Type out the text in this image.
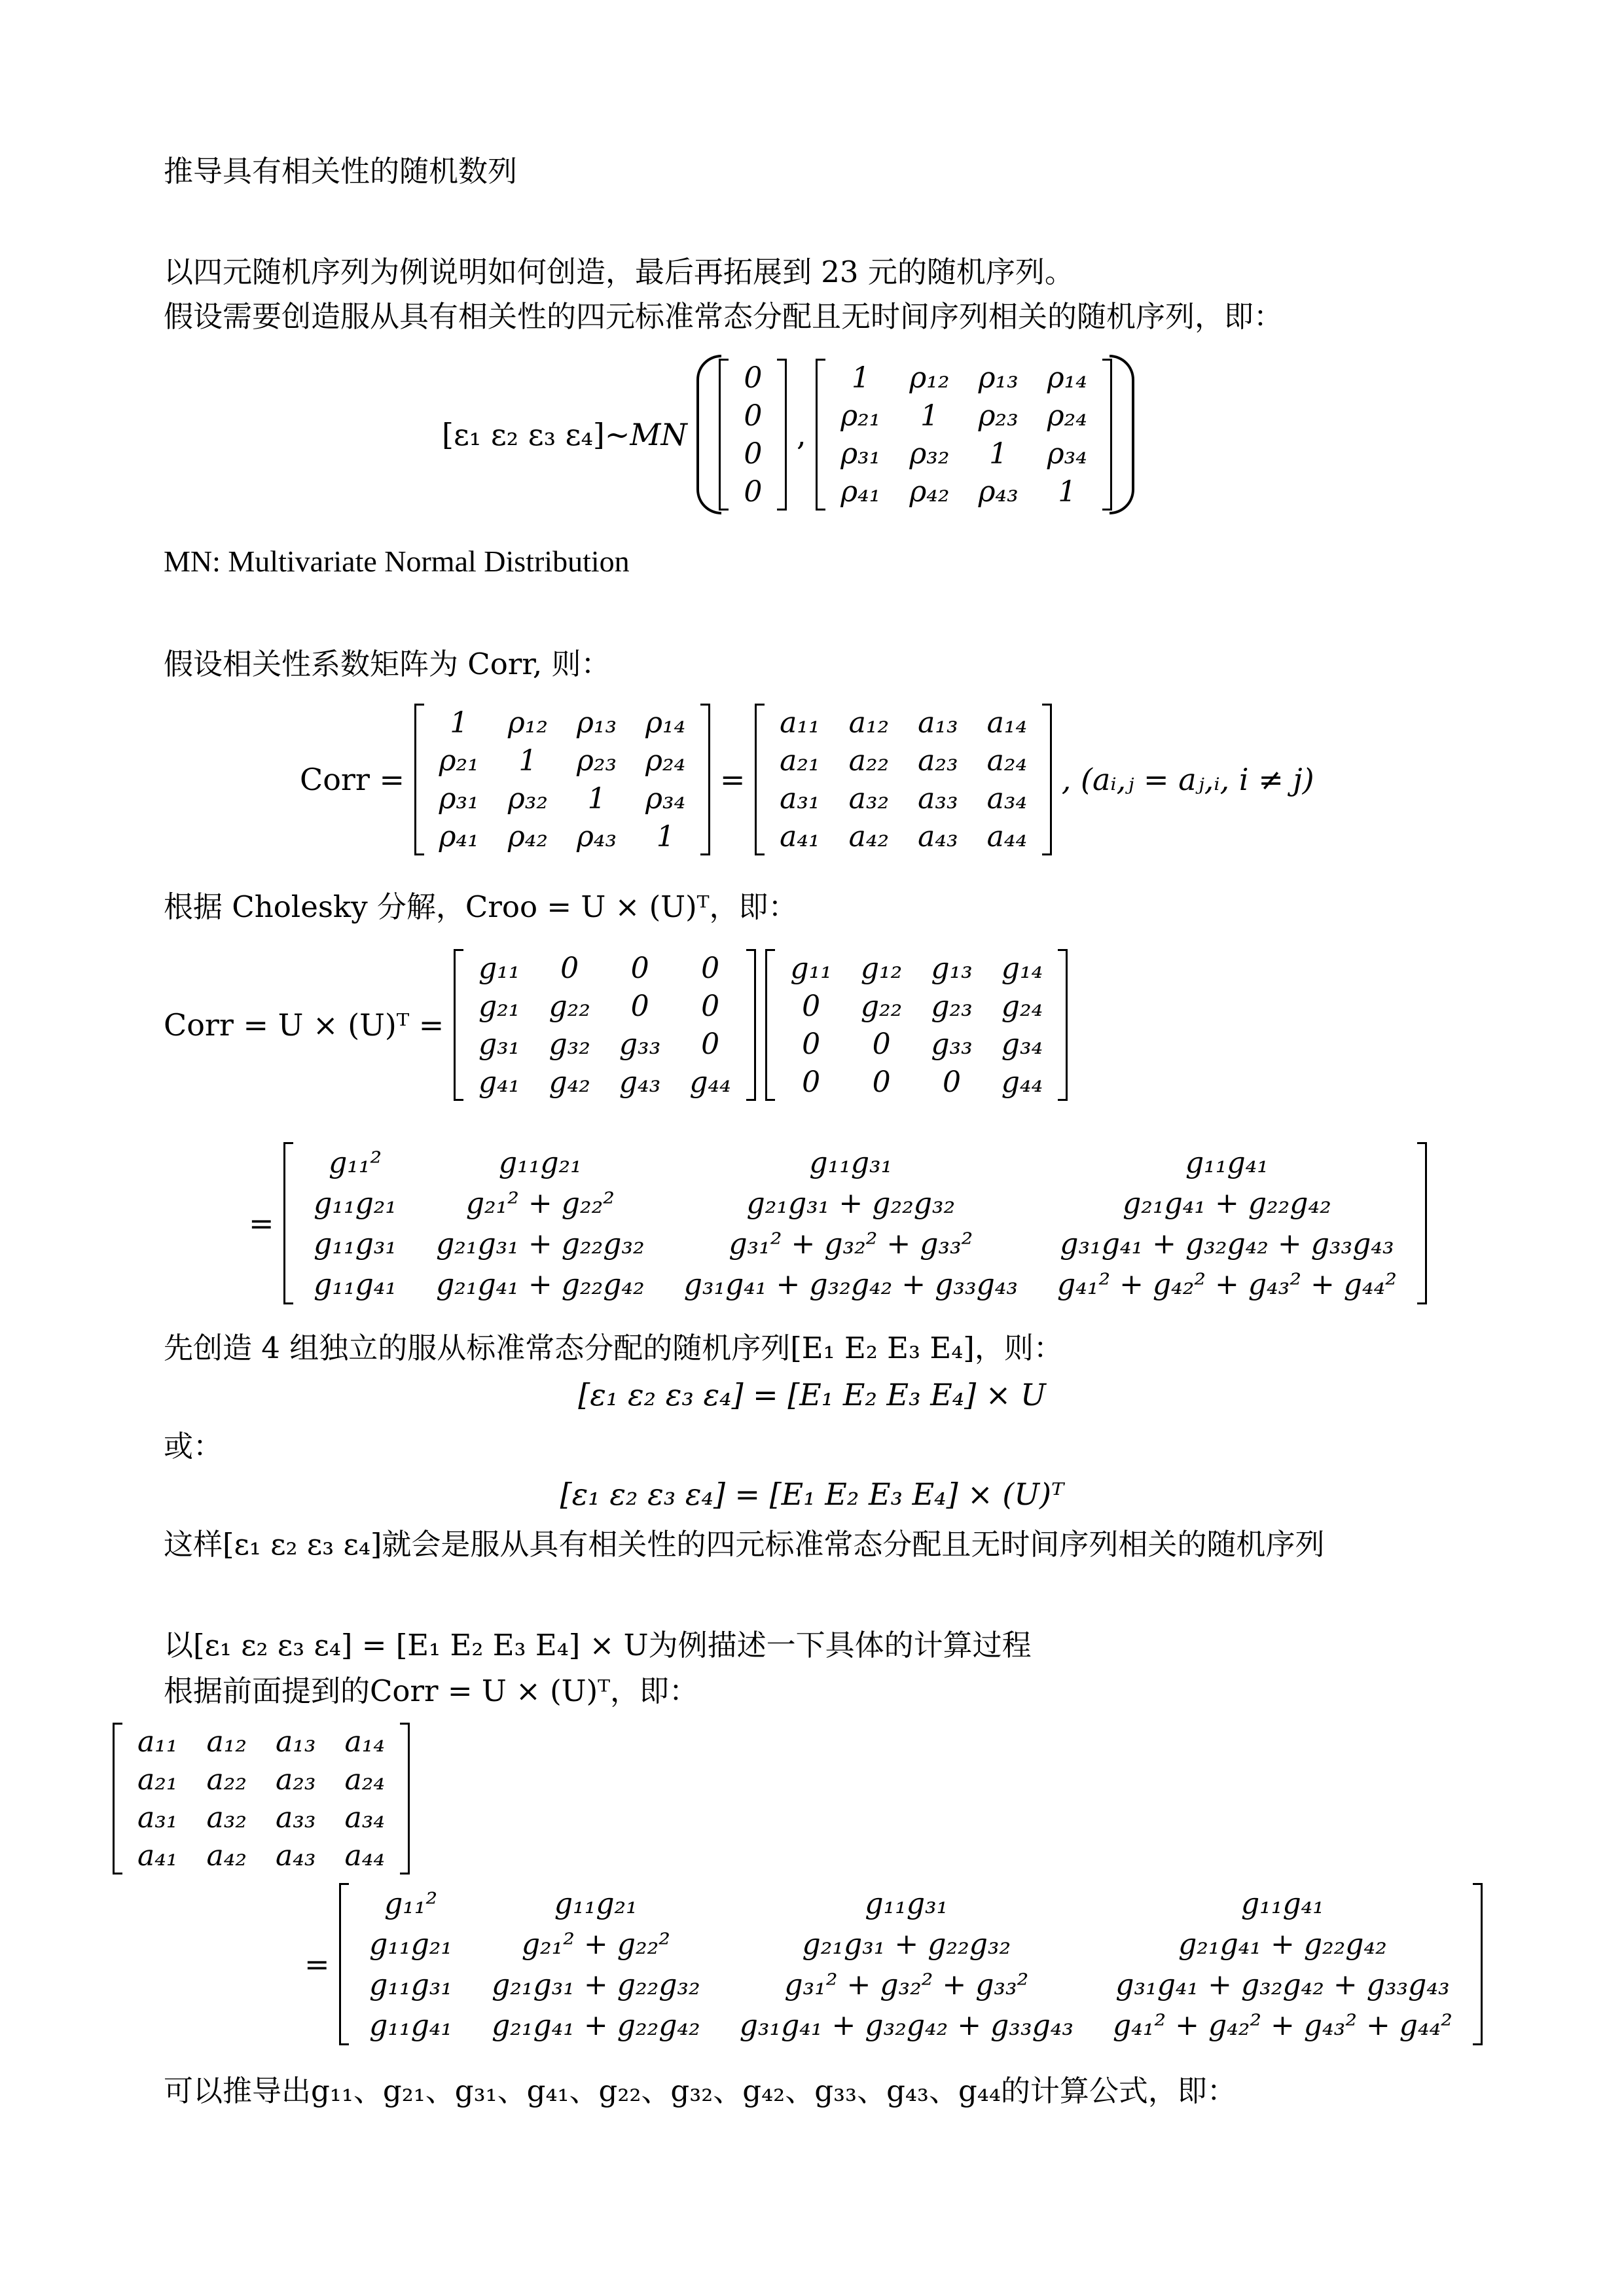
推导具有相关性的随机数列
以四元随机序列为例说明如何创造，最后再拓展到 23 元的随机序列。
假设需要创造服从具有相关性的四元标准常态分配且无时间序列相关的随机序列，即：
[ε₁ ε₂ ε₃ ε₄]~MN
0
0
0
0
,
1	ρ₁₂	ρ₁₃	ρ₁₄
ρ₂₁	1	ρ₂₃	ρ₂₄
ρ₃₁	ρ₃₂	1	ρ₃₄
ρ₄₁	ρ₄₂	ρ₄₃	1
MN: Multivariate Normal Distribution
假设相关性系数矩阵为 Corr, 则：
Corr =
1	ρ₁₂	ρ₁₃	ρ₁₄
ρ₂₁	1	ρ₂₃	ρ₂₄
ρ₃₁	ρ₃₂	1	ρ₃₄
ρ₄₁	ρ₄₂	ρ₄₃	1
=
a₁₁	a₁₂	a₁₃	a₁₄
a₂₁	a₂₂	a₂₃	a₂₄
a₃₁	a₃₂	a₃₃	a₃₄
a₄₁	a₄₂	a₄₃	a₄₄
, (aᵢ,ⱼ = aⱼ,ᵢ, i ≠ j)
根据 Cholesky 分解，Croo = U × (U)ᵀ，即：
Corr = U × (U)ᵀ =
g₁₁	0	0	0
g₂₁	g₂₂	0	0
g₃₁	g₃₂	g₃₃	0
g₄₁	g₄₂	g₄₃	g₄₄

g₁₁	g₁₂	g₁₃	g₁₄
0	g₂₂	g₂₃	g₂₄
0	0	g₃₃	g₃₄
0	0	0	g₄₄
=
g₁₁²	g₁₁g₂₁	g₁₁g₃₁	g₁₁g₄₁
g₁₁g₂₁	g₂₁² + g₂₂²	g₂₁g₃₁ + g₂₂g₃₂	g₂₁g₄₁ + g₂₂g₄₂
g₁₁g₃₁	g₂₁g₃₁ + g₂₂g₃₂	g₃₁² + g₃₂² + g₃₃²	g₃₁g₄₁ + g₃₂g₄₂ + g₃₃g₄₃
g₁₁g₄₁	g₂₁g₄₁ + g₂₂g₄₂	g₃₁g₄₁ + g₃₂g₄₂ + g₃₃g₄₃	g₄₁² + g₄₂² + g₄₃² + g₄₄²
先创造 4 组独立的服从标准常态分配的随机序列[E₁ E₂ E₃ E₄]，则：
[ε₁ ε₂ ε₃ ε₄] = [E₁ E₂ E₃ E₄] × U
或：
[ε₁ ε₂ ε₃ ε₄] = [E₁ E₂ E₃ E₄] × (U)ᵀ
这样[ε₁ ε₂ ε₃ ε₄]就会是服从具有相关性的四元标准常态分配且无时间序列相关的随机序列
以[ε₁ ε₂ ε₃ ε₄] = [E₁ E₂ E₃ E₄] × U为例描述一下具体的计算过程
根据前面提到的Corr = U × (U)ᵀ，即：
a₁₁	a₁₂	a₁₃	a₁₄
a₂₁	a₂₂	a₂₃	a₂₄
a₃₁	a₃₂	a₃₃	a₃₄
a₄₁	a₄₂	a₄₃	a₄₄
=
g₁₁²	g₁₁g₂₁	g₁₁g₃₁	g₁₁g₄₁
g₁₁g₂₁	g₂₁² + g₂₂²	g₂₁g₃₁ + g₂₂g₃₂	g₂₁g₄₁ + g₂₂g₄₂
g₁₁g₃₁	g₂₁g₃₁ + g₂₂g₃₂	g₃₁² + g₃₂² + g₃₃²	g₃₁g₄₁ + g₃₂g₄₂ + g₃₃g₄₃
g₁₁g₄₁	g₂₁g₄₁ + g₂₂g₄₂	g₃₁g₄₁ + g₃₂g₄₂ + g₃₃g₄₃	g₄₁² + g₄₂² + g₄₃² + g₄₄²
可以推导出g₁₁、g₂₁、g₃₁、g₄₁、g₂₂、g₃₂、g₄₂、g₃₃、g₄₃、g₄₄的计算公式，即：
